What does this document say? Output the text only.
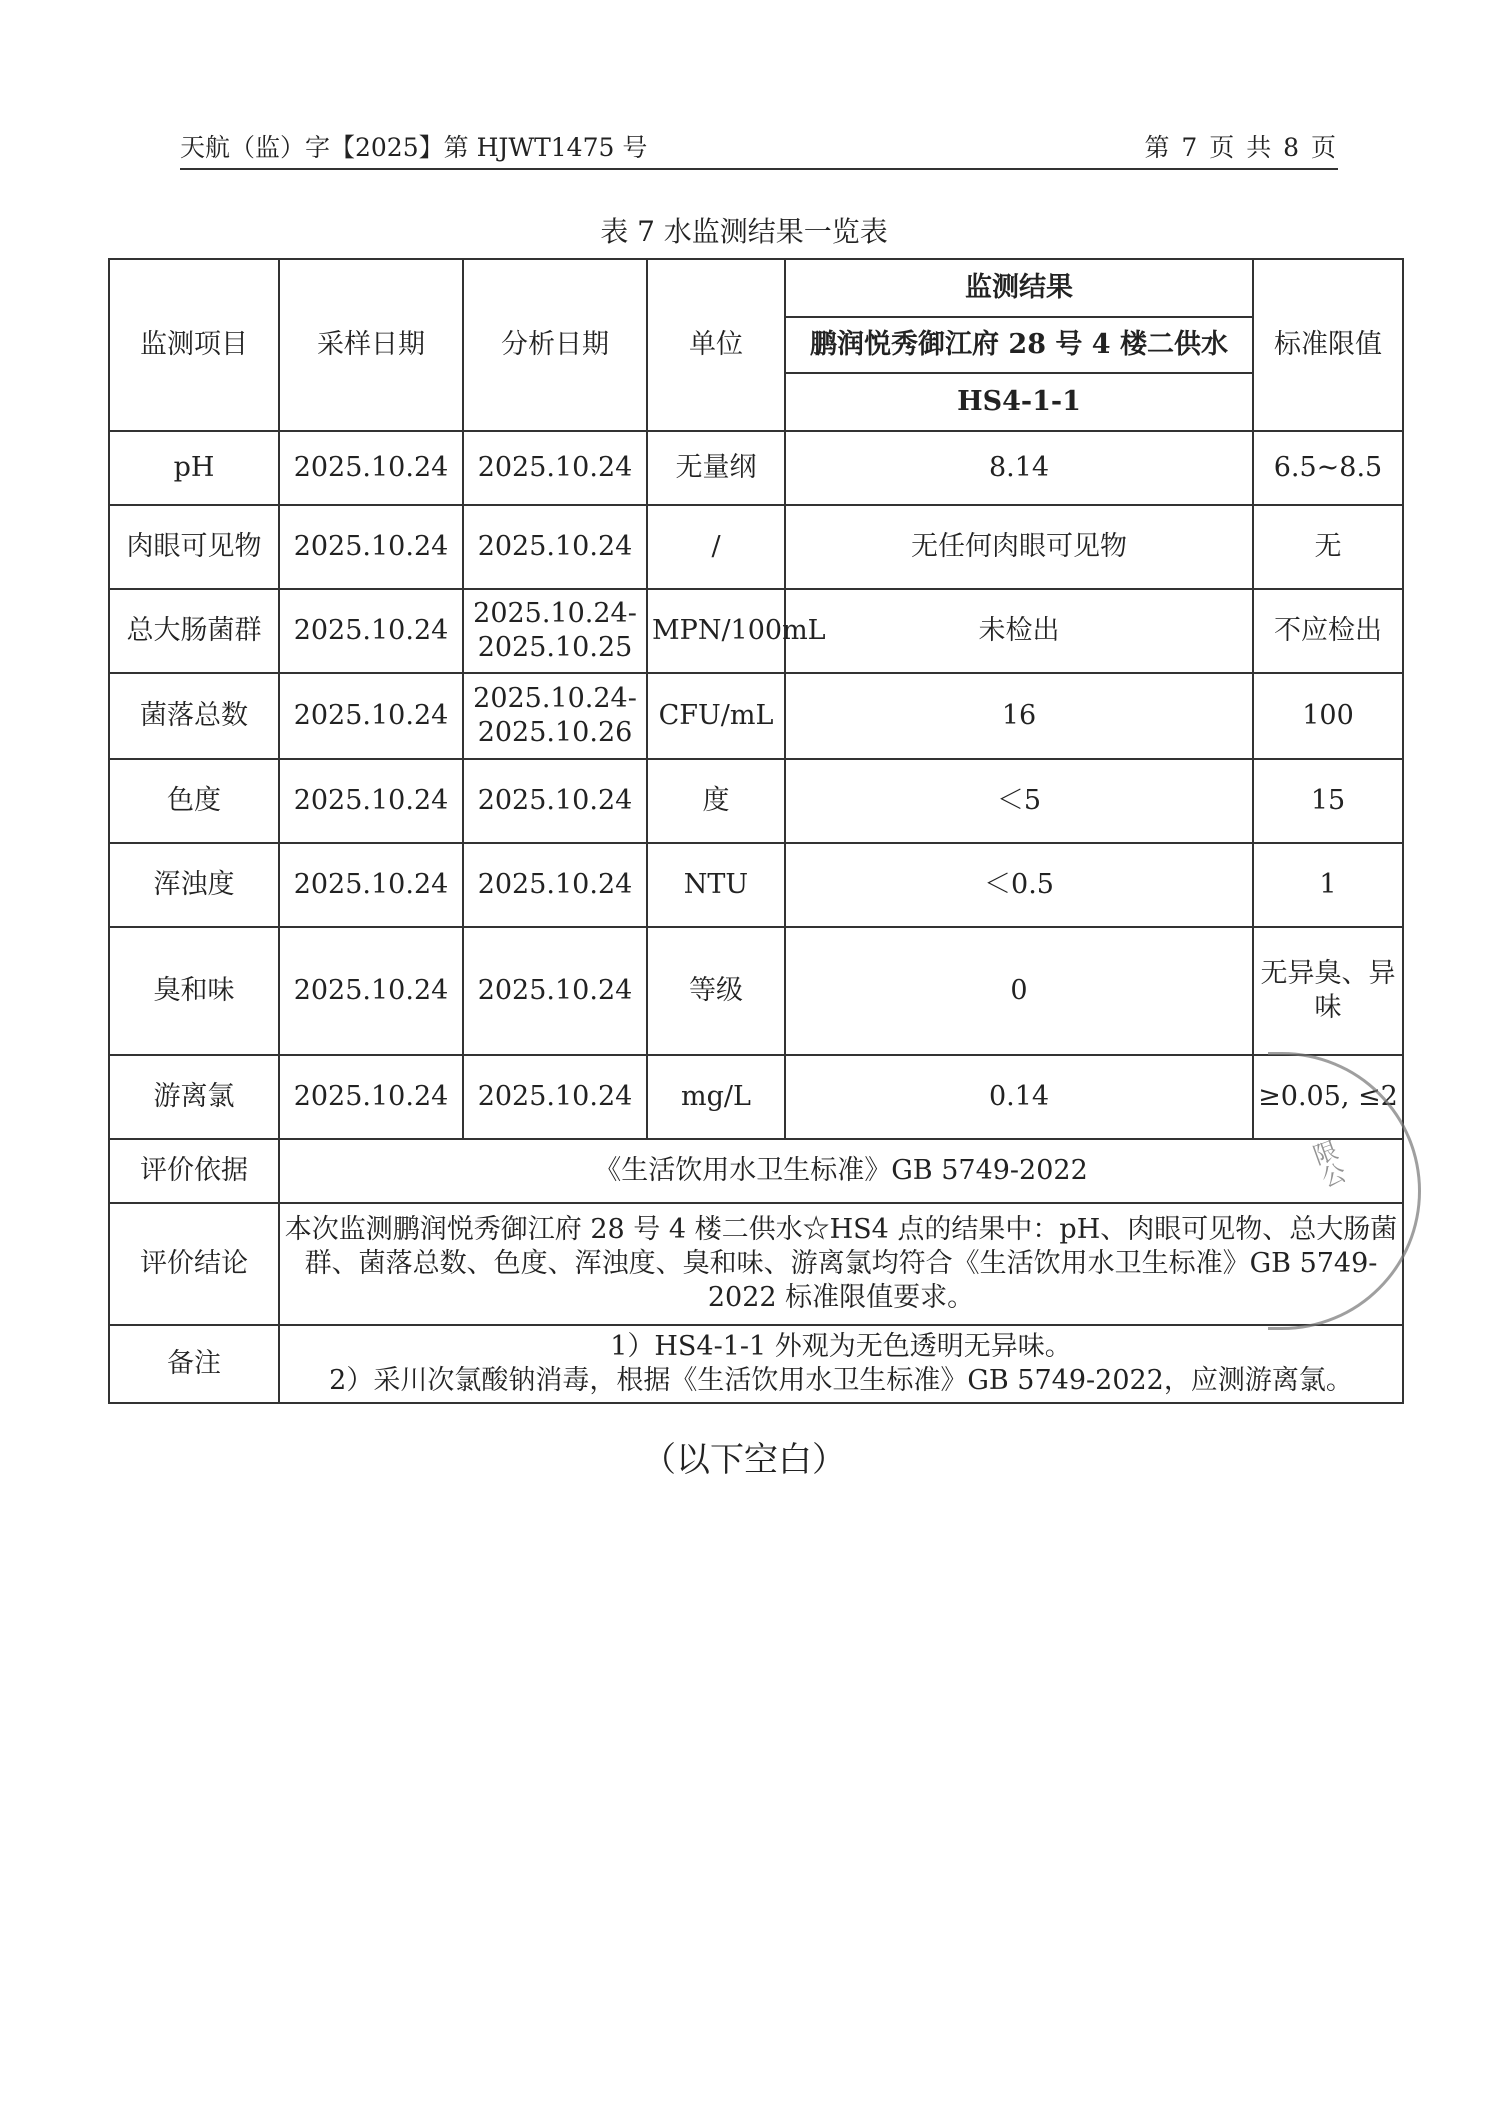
天航（监）字【2025】第 HJWT1475 号	第 7 页 共 8 页
表 7 水监测结果一览表
监测项目	采样日期	分析日期	单位	监测结果	标准限值
				鹏润悦秀御江府 28 号 4 楼二供水	
				HS4-1-1	
pH	2025.10.24	2025.10.24	无量纲	8.14	6.5~8.5
肉眼可见物	2025.10.24	2025.10.24	/	无任何肉眼可见物	无
总大肠菌群	2025.10.24	2025.10.24-2025.10.25	MPN/100mL	未检出	不应检出
菌落总数	2025.10.24	2025.10.24-2025.10.26	CFU/mL	16	100
色度	2025.10.24	2025.10.24	度	＜5	15
浑浊度	2025.10.24	2025.10.24	NTU	＜0.5	1
臭和味	2025.10.24	2025.10.24	等级	0	无异臭、异味
游离氯	2025.10.24	2025.10.24	mg/L	0.14	≥0.05, ≤2
评价依据	《生活饮用水卫生标准》GB 5749-2022				
评价结论	本次监测鹏润悦秀御江府 28 号 4 楼二供水☆HS4 点的结果中：pH、肉眼可见物、总大肠菌群、菌落总数、色度、浑浊度、臭和味、游离氯均符合《生活饮用水卫生标准》GB 5749-2022 标准限值要求。				
备注	1）HS4-1-1 外观为无色透明无异味。
2）采川次氯酸钠消毒，根据《生活饮用水卫生标准》GB 5749-2022，应测游离氯。				
限公
（以下空白）
